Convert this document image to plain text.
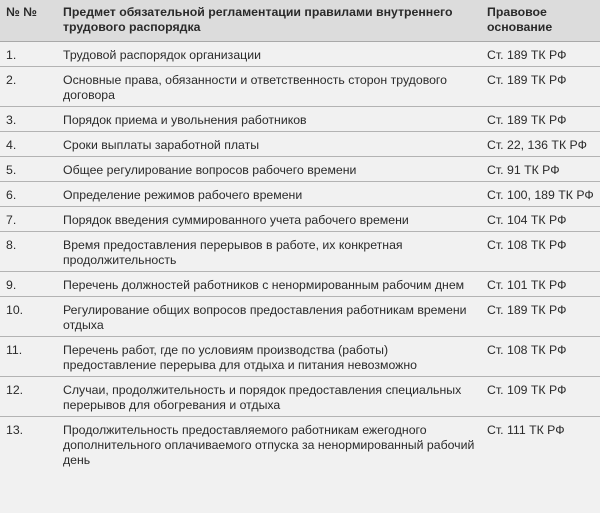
№ №	Предмет обязательной регламентации правилами внутреннего трудового распорядка	Правовое основание
1.	Трудовой распорядок организации	Ст. 189 ТК РФ
2.	Основные права, обязанности и ответственность сторон трудового договора	Ст. 189 ТК РФ
3.	Порядок приема и увольнения работников	Ст. 189 ТК РФ
4.	Сроки выплаты заработной платы	Ст. 22, 136 ТК РФ
5.	Общее регулирование вопросов рабочего времени	Ст. 91 ТК РФ
6.	Определение режимов рабочего времени	Ст. 100, 189 ТК РФ
7.	Порядок введения суммированного учета рабочего времени	Ст. 104 ТК РФ
8.	Время предоставления перерывов в работе, их конкретная продолжительность	Ст. 108 ТК РФ
9.	Перечень должностей работников с ненормированным рабочим днем	Ст. 101 ТК РФ
10.	Регулирование общих вопросов предоставления работникам времени отдыха	Ст. 189 ТК РФ
11.	Перечень работ, где по условиям производства (работы) предоставление перерыва для отдыха и питания невозможно	Ст. 108 ТК РФ
12.	Случаи, продолжительность и порядок предоставления специальных перерывов для обогревания и отдыха	Ст. 109 ТК РФ
13.	Продолжительность предоставляемого работникам ежегодного дополнительного оплачиваемого отпуска за ненормированный рабочий день	Ст. 111 ТК РФ
